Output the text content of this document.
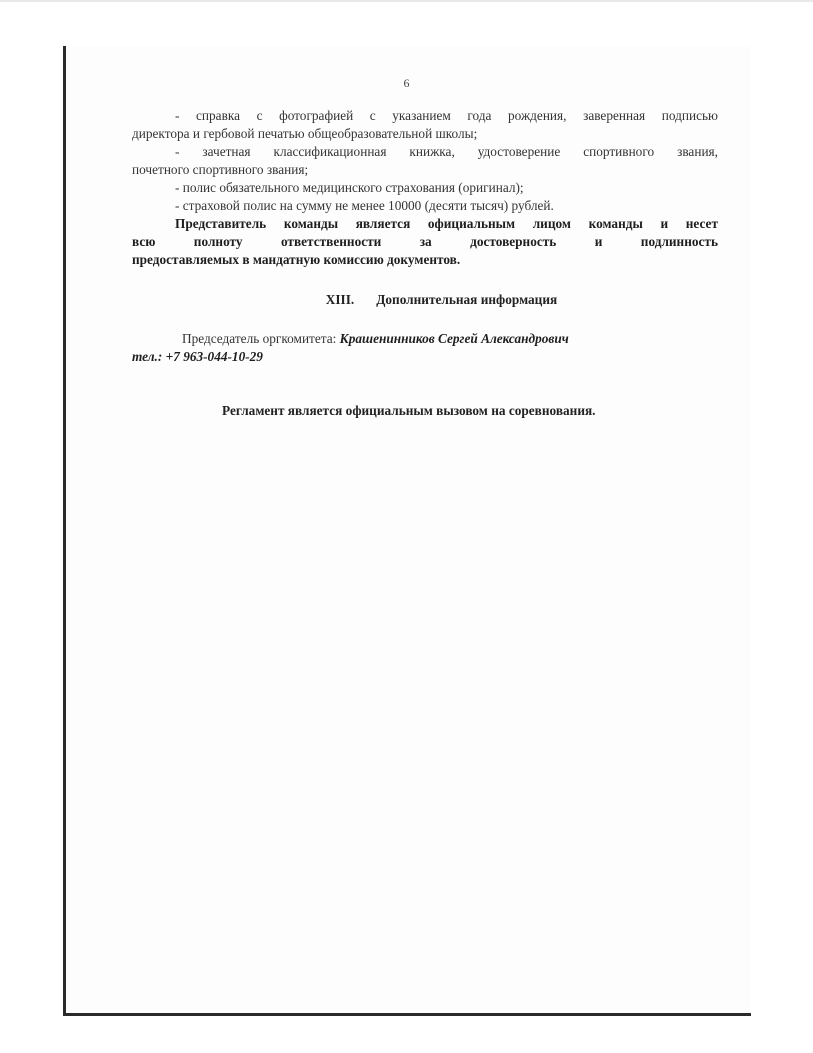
6

- справка с фотографией с указанием года рождения, заверенная подписью

директора и гербовой печатью общеобразовательной школы;

- зачетная классификационная книжка, удостоверение спортивного звания,

почетного спортивного звания;

- полис обязательного медицинского страхования (оригинал);

- страховой полис на сумму не менее 10000 (десяти тысяч) рублей.

Представитель команды является официальным лицом команды и несет

всю полноту ответственности за достоверность и подлинность

предоставляемых в мандатную комиссию документов.

XIII. Дополнительная информация

Председатель оргкомитета: Крашенинников Сергей Александрович

тел.: +7 963-044-10-29

Регламент является официальным вызовом на соревнования.
